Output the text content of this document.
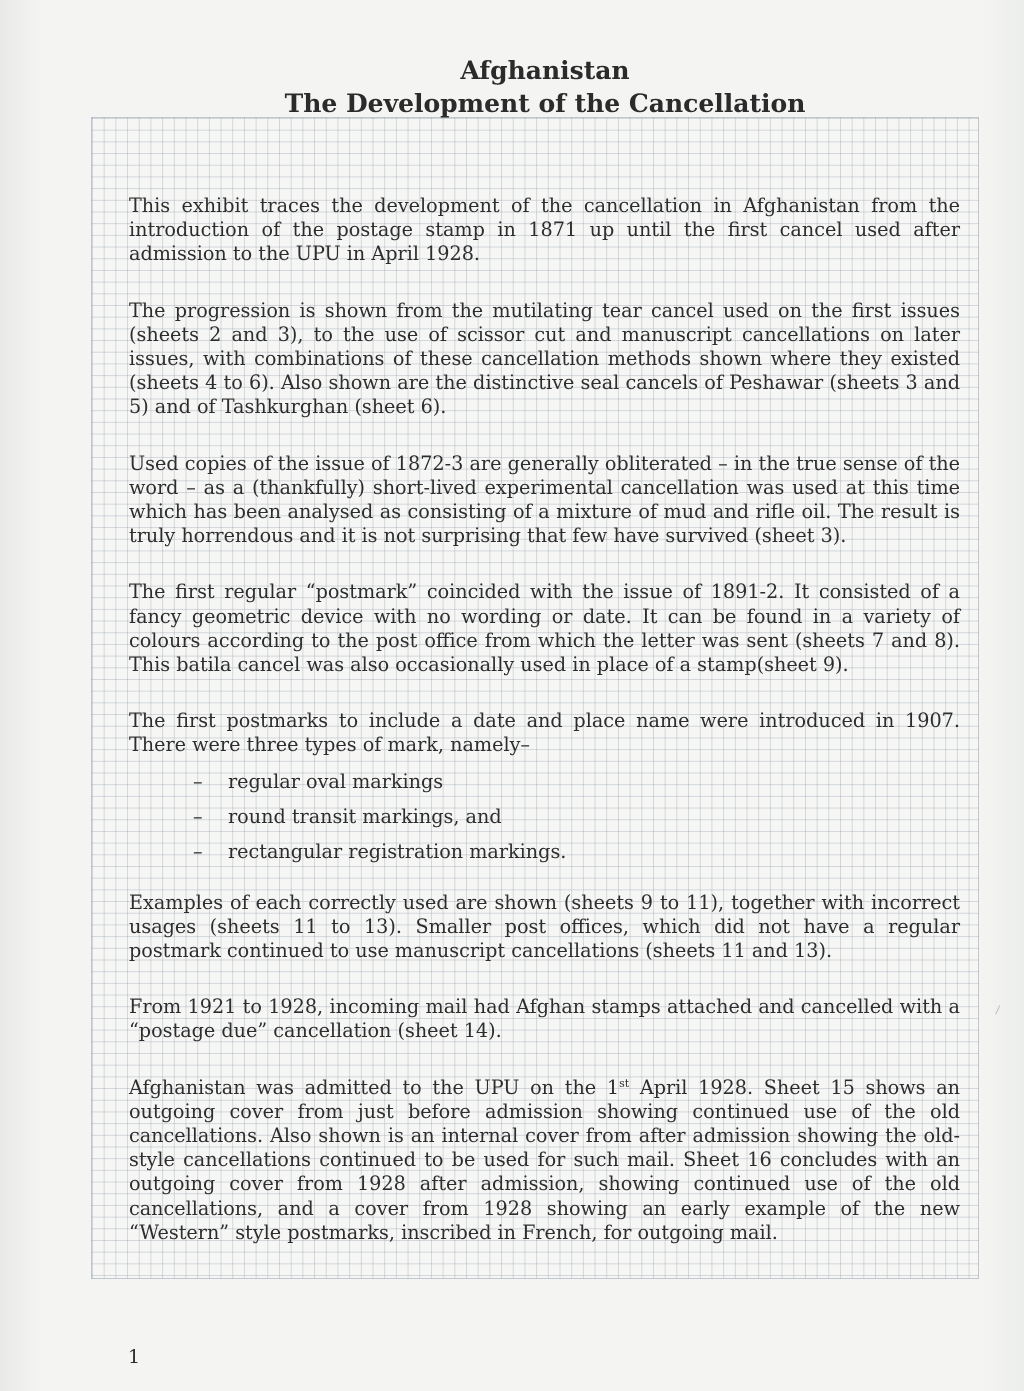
Afghanistan
The Development of the Cancellation

This exhibit traces the development of the cancellation in Afghanistan from the introduction of the postage stamp in 1871 up until the first cancel used after admission to the UPU in April 1928.

The progression is shown from the mutilating tear cancel used on the first issues (sheets 2 and 3), to the use of scissor cut and manuscript cancellations on later issues, with combinations of these cancellation methods shown where they existed (sheets 4 to 6). Also shown are the distinctive seal cancels of Peshawar (sheets 3 and 5) and of Tashkurghan (sheet 6).

Used copies of the issue of 1872-3 are generally obliterated – in the true sense of the word – as a (thankfully) short-lived experimental cancellation was used at this time which has been analysed as consisting of a mixture of mud and rifle oil. The result is truly horrendous and it is not surprising that few have survived (sheet 3).

The first regular “postmark” coincided with the issue of 1891-2. It consisted of a fancy geometric device with no wording or date. It can be found in a variety of colours according to the post office from which the letter was sent (sheets 7 and 8). This batila cancel was also occasionally used in place of a stamp(sheet 9).

The first postmarks to include a date and place name were introduced in 1907. There were three types of mark, namely–

– regular oval markings
– round transit markings, and
– rectangular registration markings.

Examples of each correctly used are shown (sheets 9 to 11), together with incorrect usages (sheets 11 to 13). Smaller post offices, which did not have a regular postmark continued to use manuscript cancellations (sheets 11 and 13).

From 1921 to 1928, incoming mail had Afghan stamps attached and cancelled with a “postage due” cancellation (sheet 14).

Afghanistan was admitted to the UPU on the 1st April 1928. Sheet 15 shows an outgoing cover from just before admission showing continued use of the old cancellations. Also shown is an internal cover from after admission showing the old-style cancellations continued to be used for such mail. Sheet 16 concludes with an outgoing cover from 1928 after admission, showing continued use of the old cancellations, and a cover from 1928 showing an early example of the new “Western” style postmarks, inscribed in French, for outgoing mail.

1
